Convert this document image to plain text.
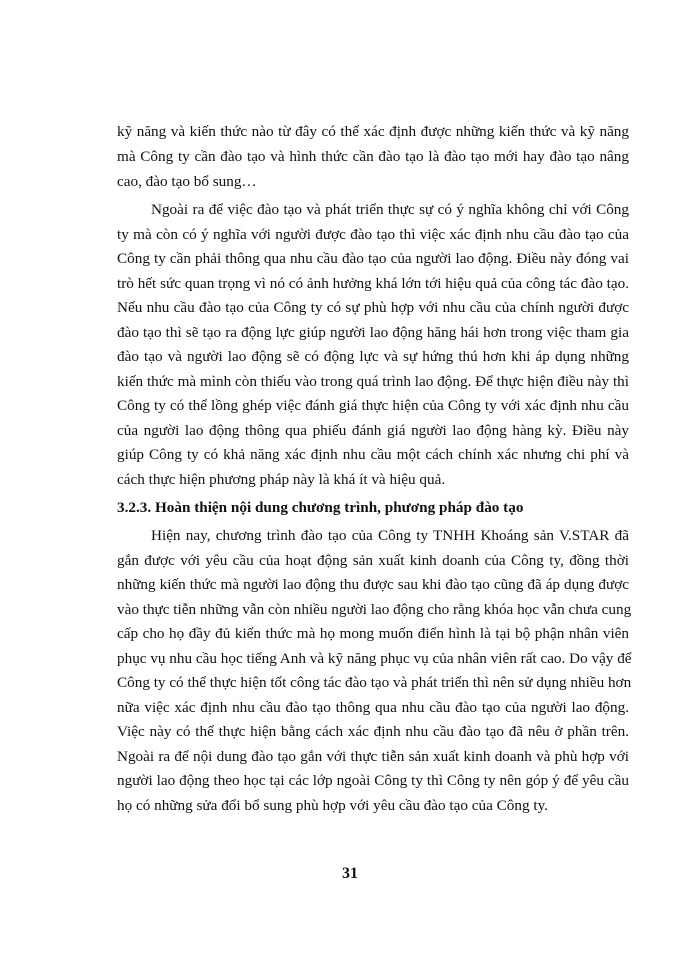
kỹ năng và kiến thức nào từ đây có thể xác định được những kiến thức và kỹ năng
mà Công ty cần đào tạo và hình thức cần đào tạo là đào tạo mới hay đào tạo nâng
cao, đào tạo bổ sung…
Ngoài ra để việc đào tạo và phát triển thực sự có ý nghĩa không chỉ với Công
ty mà còn có ý nghĩa với người được đào tạo thì việc xác định nhu cầu đào tạo của
Công ty cần phải thông qua nhu cầu đào tạo của người lao động. Điều này đóng vai
trò hết sức quan trọng vì nó có ảnh hưởng khá lớn tới hiệu quả của công tác đào tạo.
Nếu nhu cầu đào tạo của Công ty có sự phù hợp với nhu cầu của chính người được
đào tạo thì sẽ tạo ra động lực giúp người lao động hăng hái hơn trong việc tham gia
đào tạo và người lao động sẽ có động lực và sự hứng thú hơn khi áp dụng những
kiến thức mà mình còn thiếu vào trong quá trình lao động. Để thực hiện điều này thì
Công ty có thể lồng ghép việc đánh giá thực hiện của Công ty với xác định nhu cầu
của người lao động thông qua phiếu đánh giá người lao động hàng kỳ. Điều này
giúp Công ty có khả năng xác định nhu cầu một cách chính xác nhưng chi phí và
cách thực hiện phương pháp này là khá ít và hiệu quả.
3.2.3. Hoàn thiện nội dung chương trình, phương pháp đào tạo
Hiện nay, chương trình đào tạo của Công ty TNHH Khoáng sản V.STAR đã
gắn được với yêu cầu của hoạt động sản xuất kinh doanh của Công ty, đồng thời
những kiến thức mà người lao động thu được sau khi đào tạo cũng đã áp dụng được
vào thực tiễn những vẫn còn nhiều người lao động cho rằng khóa học vẫn chưa cung
cấp cho họ đầy đủ kiến thức mà họ mong muốn điển hình là tại bộ phận nhân viên
phục vụ nhu cầu học tiếng Anh và kỹ năng phục vụ của nhân viên rất cao. Do vậy để
Công ty có thể thực hiện tốt công tác đào tạo và phát triển thì nên sử dụng nhiều hơn
nữa việc xác định nhu cầu đào tạo thông qua nhu cầu đào tạo của người lao động.
Việc này có thể thực hiện bằng cách xác định nhu cầu đào tạo đã nêu ở phần trên.
Ngoài ra để nội dung đào tạo gắn với thực tiễn sản xuất kinh doanh và phù hợp với
người lao động theo học tại các lớp ngoài Công ty thì Công ty nên góp ý để yêu cầu
họ có những sửa đổi bổ sung phù hợp với yêu cầu đào tạo của Công ty.
31
